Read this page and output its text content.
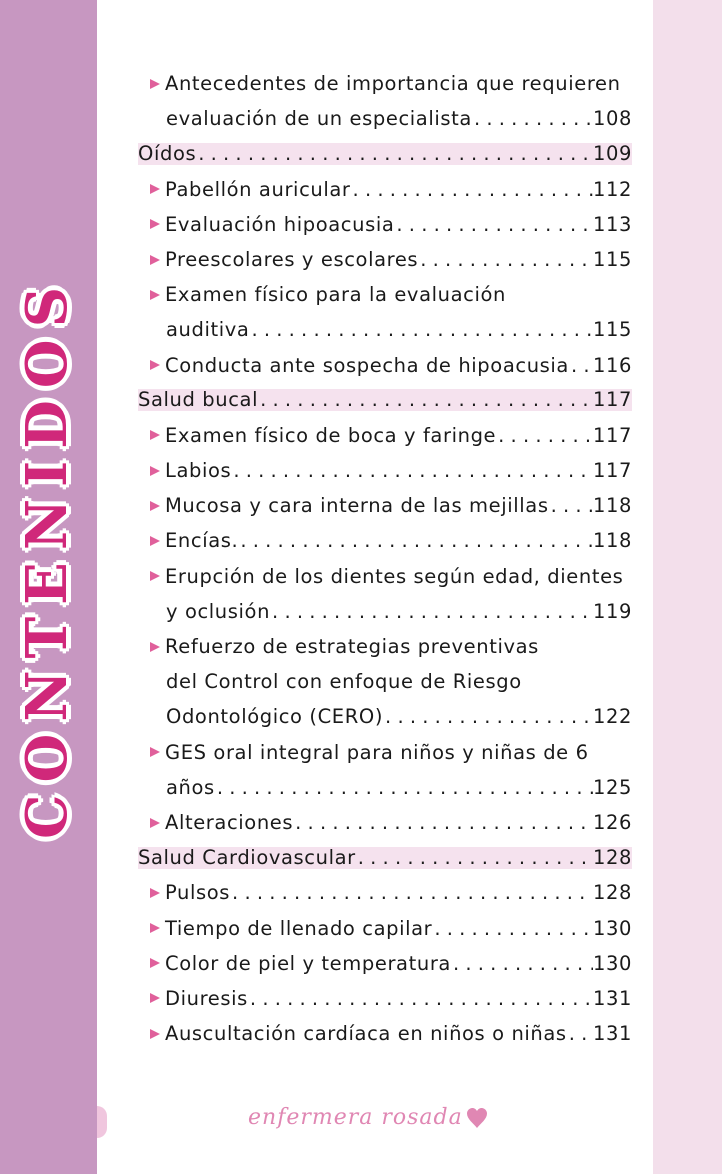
CONTENIDOS
Antecedentes de importancia que requieren
evaluación de un especialista . . .	108
Oídos . . .	109
Pabellón auricular . . .	112
Evaluación hipoacusia . . .	113
Preescolares y escolares . . .	115
Examen físico para la evaluación
auditiva . . .	115
Conducta ante sospecha de hipoacusia . . . 116
Salud bucal . . .	117
Examen físico de boca y faringe . . .	117
Labios . . .	117
Mucosa y cara interna de las mejillas . . . 118
Encías. . . .	118
Erupción de los dientes según edad, dientes
y oclusión . . .	119
Refuerzo de estrategias preventivas
del Control con enfoque de Riesgo
Odontológico (CERO) . . .	122
GES oral integral para niños y niñas de 6
años . . .	125
Alteraciones . . .	126
Salud Cardiovascular . . .	128
Pulsos . . .	128
Tiempo de llenado capilar . . .	130
Color de piel y temperatura . . .	130
Diuresis . . .	131
Auscultación cardíaca en niños o niñas . . . 131
enfermera rosada
